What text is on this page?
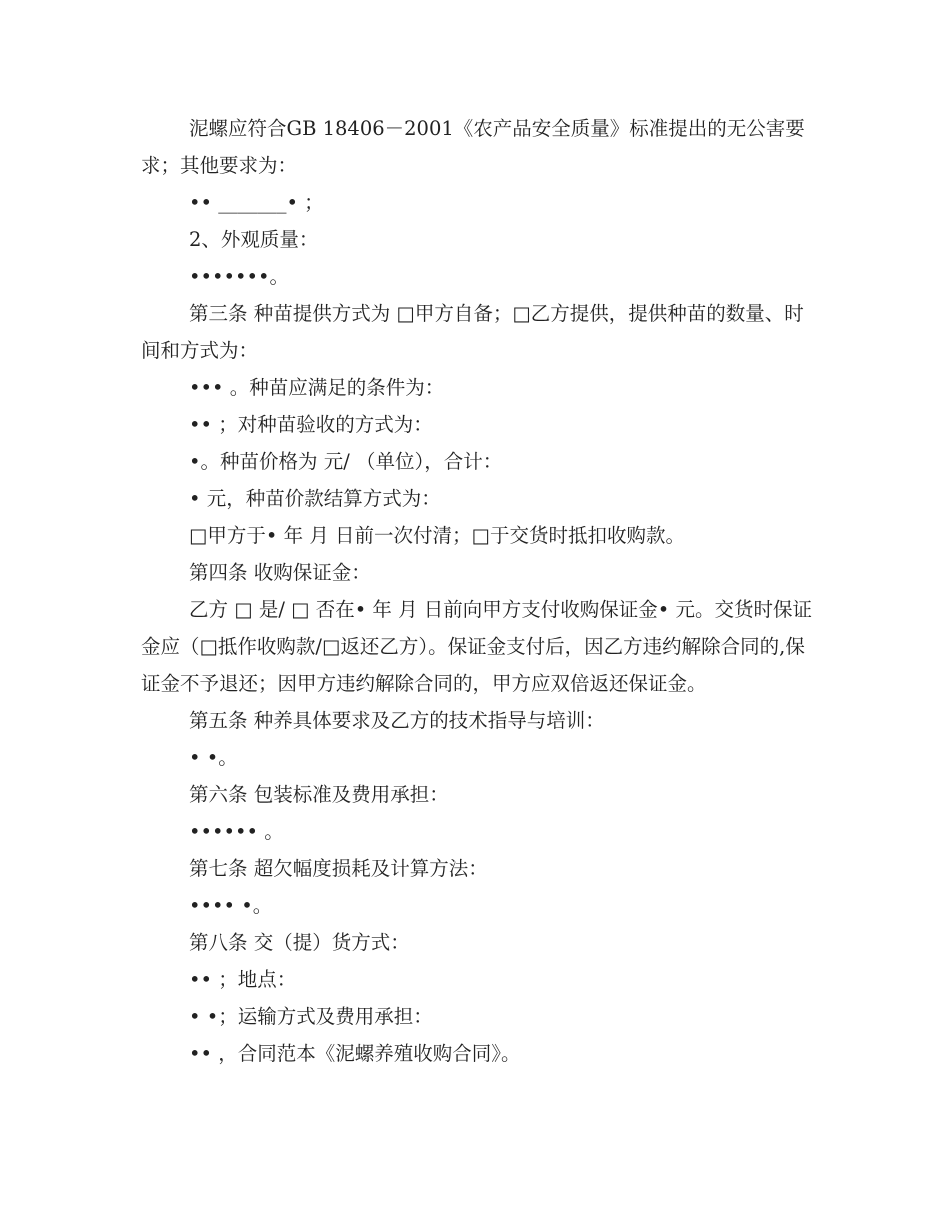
泥螺应符合GB 18406－2001《农产品安全质量》标准提出的无公害要求；其他要求为：

•• _______• ；

2、外观质量：

•••••••。

第三条 种苗提供方式为 □甲方自备；□乙方提供，提供种苗的数量、时间和方式为：

••• 。种苗应满足的条件为：

•• ；对种苗验收的方式为：

•。种苗价格为 元/ （单位），合计：

• 元，种苗价款结算方式为：

□甲方于• 年 月 日前一次付清；□于交货时抵扣收购款。

第四条 收购保证金：

乙方 □ 是/ □ 否在• 年 月 日前向甲方支付收购保证金• 元。交货时保证金应（□抵作收购款/□返还乙方）。保证金支付后，因乙方违约解除合同的,保证金不予退还；因甲方违约解除合同的，甲方应双倍返还保证金。

第五条 种养具体要求及乙方的技术指导与培训：

• •。

第六条 包装标准及费用承担：

•••••• 。

第七条 超欠幅度损耗及计算方法：

•••• •。

第八条 交（提）货方式：

•• ；地点：

• •；运输方式及费用承担：

•• ，合同范本《泥螺养殖收购合同》。
